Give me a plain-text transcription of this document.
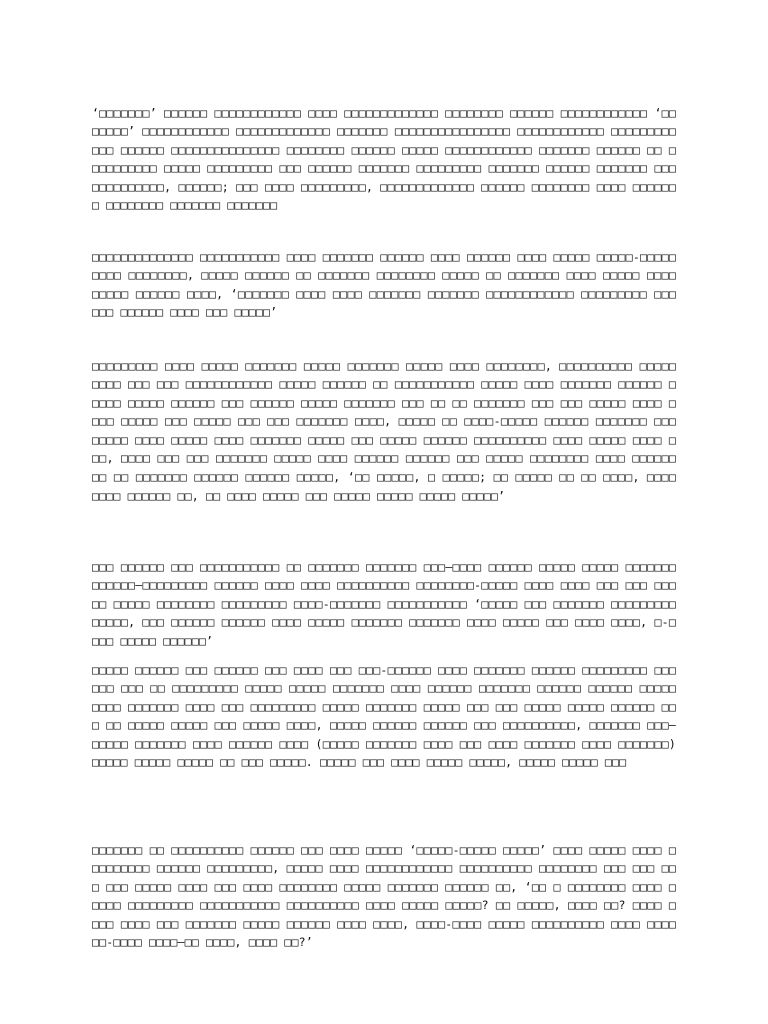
‘□□□□□□□’ □□□□□□ □□□□□□□□□□□□ □□□□ □□□□□□□□□□□□□ □□□□□□□□ □□□□□□ □□□□□□□□□□□□ ‘□□□□□□□’ □□□□□□□□□□□□ □□□□□□□□□□□□□ □□□□□□□ □□□□□□□□□□□□□□□□ □□□□□□□□□□□□ □□□□□□□□□□□□ □□□□□□ □□□□□□□□□□□□□□□ □□□□□□□□ □□□□□□ □□□□□ □□□□□□□□□□□□ □□□□□□□ □□□□□□ □□ □□□□□□□□□□ □□□□□ □□□□□□□□□ □□□ □□□□□□ □□□□□□□ □□□□□□□□□ □□□□□□□ □□□□□□ □□□□□□□ □□□□□□□□□□□□□, □□□□□□; □□□ □□□□ □□□□□□□□□, □□□□□□□□□□□□□ □□□□□□ □□□□□□□□ □□□□ □□□□□□□ □□□□□□□□ □□□□□□□ □□□□□□□

□□□□□□□□□□□□□□ □□□□□□□□□□□ □□□□ □□□□□□□ □□□□□□ □□□□ □□□□□□ □□□□ □□□□□ □□□□□-□□□□□□□□□ □□□□□□□□, □□□□□ □□□□□□ □□ □□□□□□□ □□□□□□□□ □□□□□ □□ □□□□□□□ □□□□ □□□□□ □□□□ □□□□□ □□□□□□ □□□□, ‘□□□□□□□ □□□□ □□□□ □□□□□□□ □□□□□□□ □□□□□□□□□□□□ □□□□□□□□□ □□□ □□□ □□□□□□ □□□□ □□□ □□□□□’

□□□□□□□□□ □□□□ □□□□□ □□□□□□□ □□□□□ □□□□□□□ □□□□□ □□□□ □□□□□□□□, □□□□□□□□□□ □□□□□ □□□□ □□□ □□□ □□□□□□□□□□□□ □□□□□ □□□□□□ □□ □□□□□□□□□□□ □□□□□ □□□□ □□□□□□□ □□□□□□ □□□□□ □□□□□ □□□□□□ □□□ □□□□□□ □□□□□ □□□□□□□ □□□ □□ □□ □□□□□□□ □□□ □□□ □□□□□ □□□□ □□□□ □□□□□ □□□ □□□□□ □□□ □□□ □□□□□□□ □□□□, □□□□□ □□ □□□□-□□□□□ □□□□□□ □□□□□□□ □□□ □□□□□ □□□□ □□□□□ □□□□ □□□□□□□ □□□□□ □□□ □□□□□ □□□□□□ □□□□□□□□□□ □□□□ □□□□□ □□□□ □□□, □□□□ □□□ □□□ □□□□□□□ □□□□□ □□□□ □□□□□□ □□□□□□ □□□ □□□□□ □□□□□□□□ □□□□ □□□□□□ □□ □□ □□□□□□□ □□□□□□ □□□□□□ □□□□□, ‘□□ □□□□□, □ □□□□□; □□ □□□□□ □□ □□ □□□□, □□□□ □□□□ □□□□□□ □□, □□ □□□□ □□□□□ □□□ □□□□□ □□□□□ □□□□□ □□□□□’

□□□ □□□□□□ □□□ □□□□□□□□□□□ □□ □□□□□□□ □□□□□□□ □□□–□□□□ □□□□□□ □□□□□ □□□□□ □□□□□□□ □□□□□□–□□□□□□□□□ □□□□□□ □□□□ □□□□ □□□□□□□□□□ □□□□□□□□-□□□□□ □□□□ □□□□ □□□ □□□ □□□□□ □□□□□ □□□□□□□□ □□□□□□□□□ □□□□-□□□□□□□ □□□□□□□□□□□ ‘□□□□□ □□□ □□□□□□□ □□□□□□□□□ □□□□□, □□□ □□□□□□ □□□□□□ □□□□ □□□□□ □□□□□□□ □□□□□□□ □□□□ □□□□□ □□□ □□□□ □□□□, □-□ □□□ □□□□□ □□□□□□’

□□□□□ □□□□□□ □□□ □□□□□□ □□□ □□□□ □□□ □□□-□□□□□□ □□□□ □□□□□□□ □□□□□□ □□□□□□□□□ □□□□□□ □□□ □□ □□□□□□□□□ □□□□□ □□□□□ □□□□□□□ □□□□ □□□□□□ □□□□□□□ □□□□□□ □□□□□□ □□□□□ □□□□ □□□□□□□ □□□□ □□□ □□□□□□□□□ □□□□□ □□□□□□□ □□□□□ □□□ □□□ □□□□□ □□□□□ □□□□□□ □□□ □□ □□□□□ □□□□□ □□□ □□□□□ □□□□, □□□□□ □□□□□□ □□□□□□ □□□ □□□□□□□□□□, □□□□□□□ □□□—□□□□□ □□□□□□□ □□□□ □□□□□□ □□□□ (□□□□□ □□□□□□□ □□□□ □□□ □□□□ □□□□□□□ □□□□ □□□□□□□) □□□□□ □□□□□ □□□□□ □□ □□□ □□□□□. □□□□□ □□□ □□□□ □□□□□ □□□□□, □□□□□ □□□□□ □□□

□□□□□□□ □□ □□□□□□□□□□ □□□□□□ □□□ □□□□ □□□□□ ‘□□□□□-□□□□□ □□□□□’ □□□□ □□□□□ □□□□ □□□□□□□□□ □□□□□□ □□□□□□□□□, □□□□□ □□□□ □□□□□□□□□□□□ □□□□□□□□□□ □□□□□□□□ □□□ □□□ □□□ □□□ □□□□□ □□□□ □□□ □□□□ □□□□□□□□ □□□□□ □□□□□□□ □□□□□□ □□, ‘□□ □ □□□□□□□□ □□□□ □□□□□ □□□□□□□□□ □□□□□□□□□□□ □□□□□□□□□□ □□□□ □□□□□ □□□□□? □□ □□□□□, □□□□ □□? □□□□ □□□□ □□□□ □□□ □□□□□□□ □□□□□ □□□□□□ □□□□ □□□□, □□□□-□□□□ □□□□□ □□□□□□□□□□ □□□□ □□□□ □□-□□□□ □□□□—□□ □□□□, □□□□ □□?’
